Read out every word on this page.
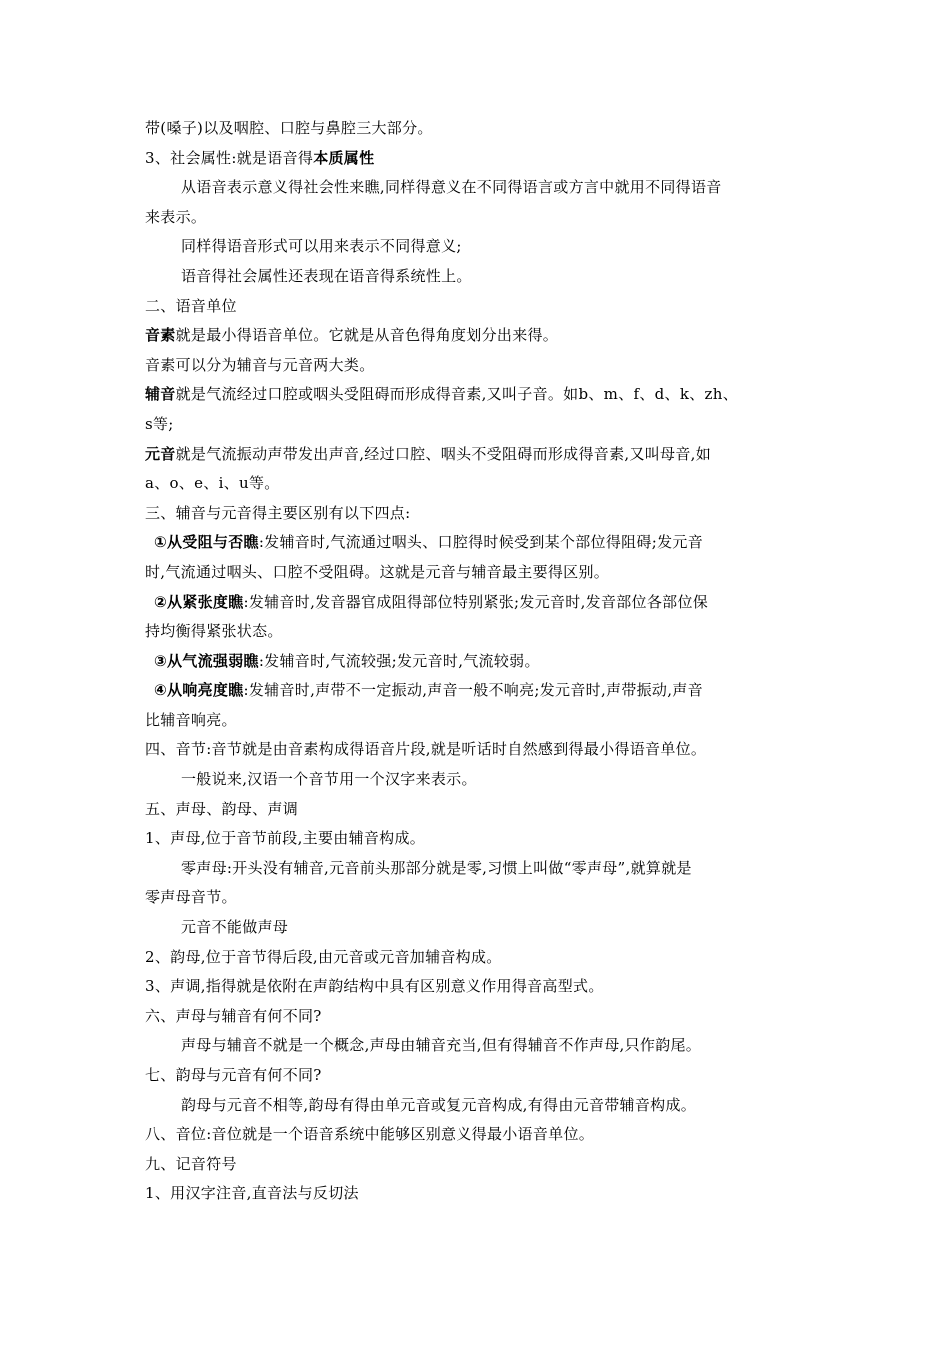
带(嗓子)以及咽腔、口腔与鼻腔三大部分。
3、社会属性:就是语音得本质属性
从语音表示意义得社会性来瞧,同样得意义在不同得语言或方言中就用不同得语音
来表示。
同样得语音形式可以用来表示不同得意义;
语音得社会属性还表现在语音得系统性上。
二、语音单位
音素就是最小得语音单位。它就是从音色得角度划分出来得。
音素可以分为辅音与元音两大类。
辅音就是气流经过口腔或咽头受阻碍而形成得音素,又叫子音。如b、m、f、d、k、zh、
s等;
元音就是气流振动声带发出声音,经过口腔、咽头不受阻碍而形成得音素,又叫母音,如
a、o、e、i、u等。
三、辅音与元音得主要区别有以下四点:
①从受阻与否瞧:发辅音时,气流通过咽头、口腔得时候受到某个部位得阻碍;发元音
时,气流通过咽头、口腔不受阻碍。这就是元音与辅音最主要得区别。
②从紧张度瞧:发辅音时,发音器官成阻得部位特别紧张;发元音时,发音部位各部位保
持均衡得紧张状态。
③从气流强弱瞧:发辅音时,气流较强;发元音时,气流较弱。
④从响亮度瞧:发辅音时,声带不一定振动,声音一般不响亮;发元音时,声带振动,声音
比辅音响亮。
四、音节:音节就是由音素构成得语音片段,就是听话时自然感到得最小得语音单位。
一般说来,汉语一个音节用一个汉字来表示。
五、声母、韵母、声调
1、声母,位于音节前段,主要由辅音构成。
零声母:开头没有辅音,元音前头那部分就是零,习惯上叫做“零声母”,就算就是
零声母音节。
元音不能做声母
2、韵母,位于音节得后段,由元音或元音加辅音构成。
3、声调,指得就是依附在声韵结构中具有区别意义作用得音高型式。
六、声母与辅音有何不同?
声母与辅音不就是一个概念,声母由辅音充当,但有得辅音不作声母,只作韵尾。
七、韵母与元音有何不同?
韵母与元音不相等,韵母有得由单元音或复元音构成,有得由元音带辅音构成。
八、音位:音位就是一个语音系统中能够区别意义得最小语音单位。
九、记音符号
1、用汉字注音,直音法与反切法
